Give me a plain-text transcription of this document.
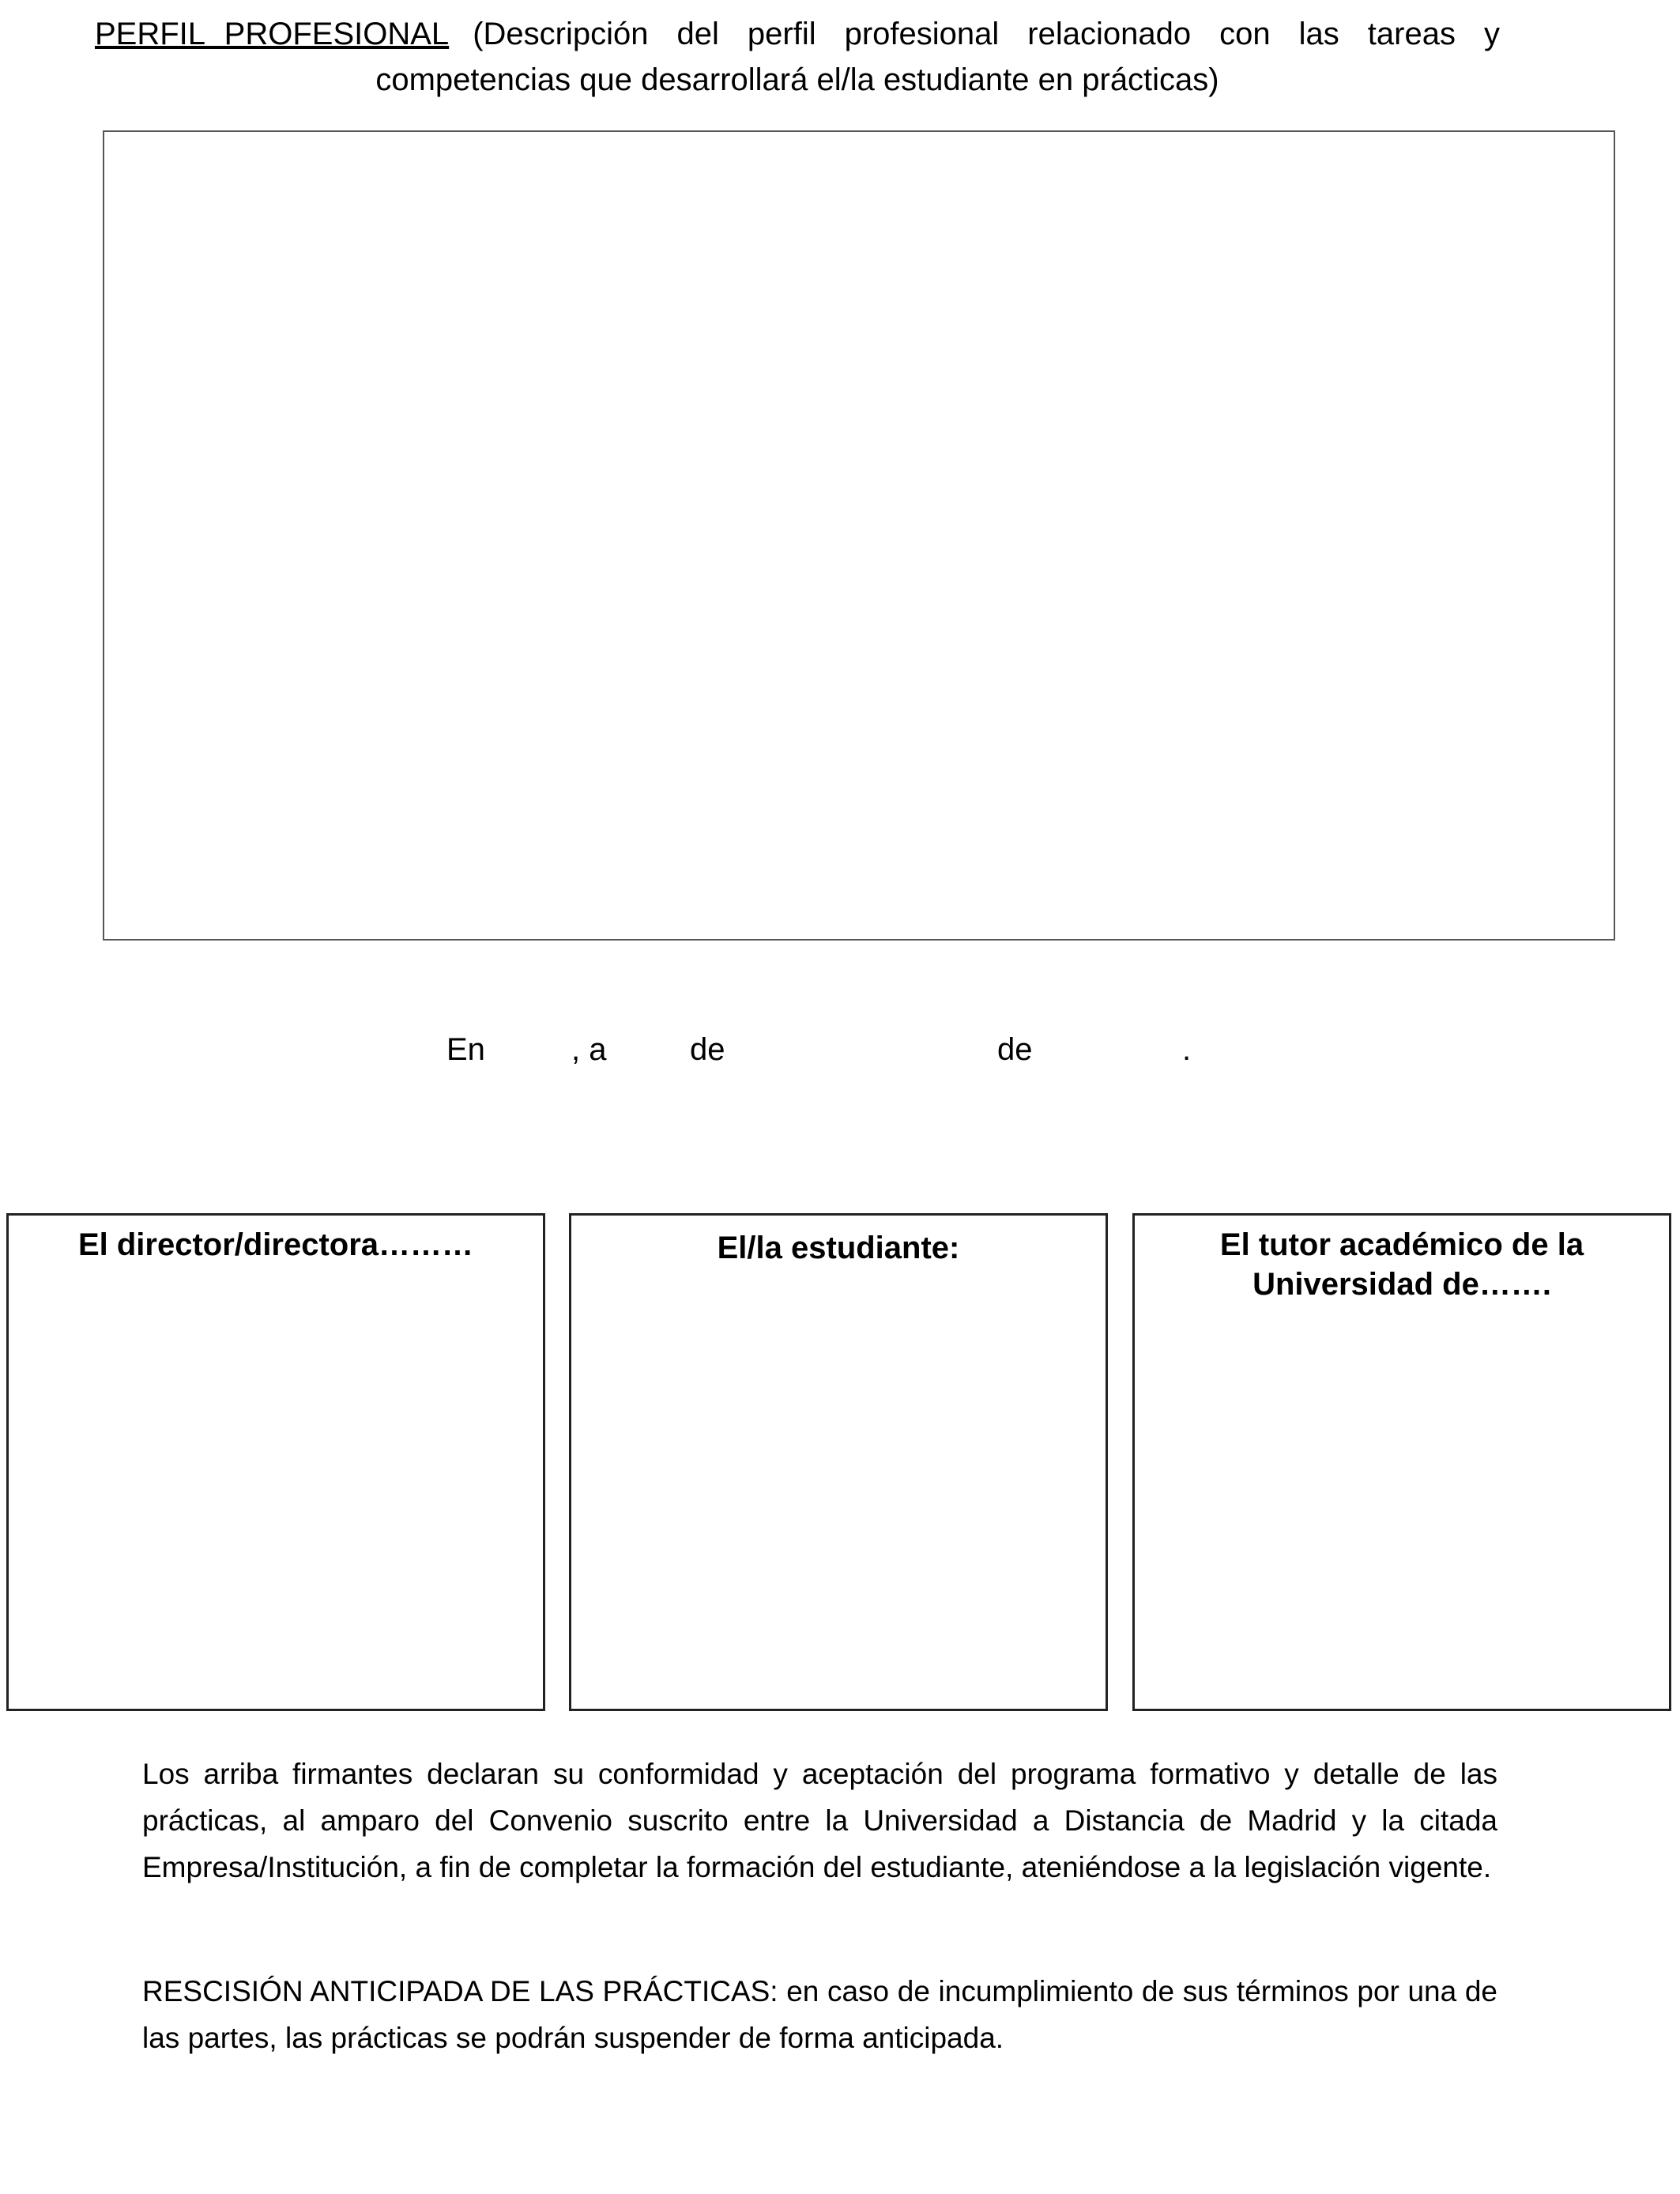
PERFIL PROFESIONAL (Descripción del perfil profesional relacionado con las tareas y
competencias que desarrollará el/la estudiante en prácticas)
En	, a	de	de	.
El director/directora………	El/la estudiante:	El tutor académico de la
Universidad de…….
Los arriba firmantes declaran su conformidad y aceptación del programa formativo y detalle de las prácticas, al amparo del Convenio suscrito entre la Universidad a Distancia de Madrid y la citada Empresa/Institución, a fin de completar la formación del estudiante, ateniéndose a la legislación vigente.
RESCISIÓN ANTICIPADA DE LAS PRÁCTICAS: en caso de incumplimiento de sus términos por una de las partes, las prácticas se podrán suspender de forma anticipada.
